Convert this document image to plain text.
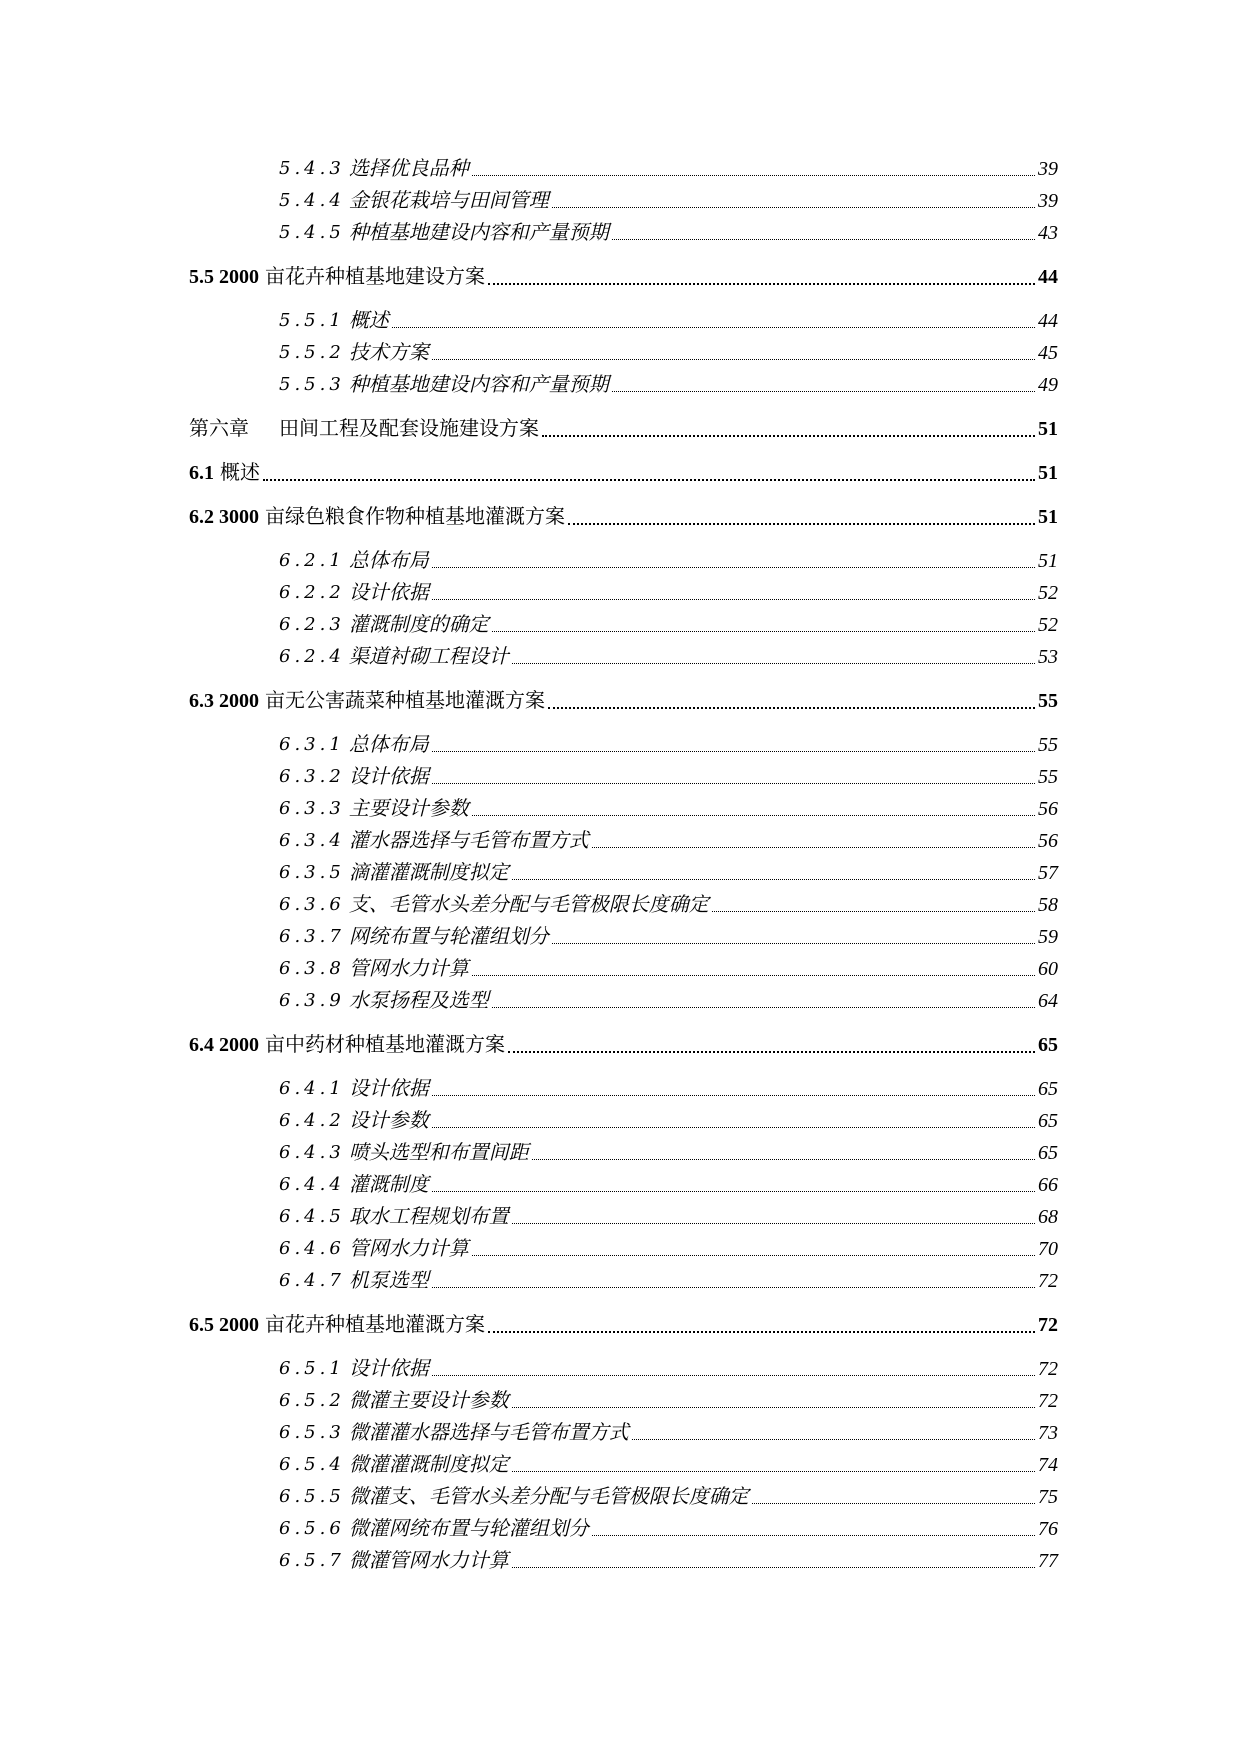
5.4.3 选择优良品种	39
5.4.4 金银花栽培与田间管理	39
5.4.5 种植基地建设内容和产量预期	43
5.5 2000 亩花卉种植基地建设方案	44
5.5.1 概述	44
5.5.2 技术方案	45
5.5.3 种植基地建设内容和产量预期	49
第六章 田间工程及配套设施建设方案	51
6.1 概述	51
6.2 3000 亩绿色粮食作物种植基地灌溉方案	51
6.2.1 总体布局	51
6.2.2 设计依据	52
6.2.3 灌溉制度的确定	52
6.2.4 渠道衬砌工程设计	53
6.3 2000 亩无公害蔬菜种植基地灌溉方案	55
6.3.1 总体布局	55
6.3.2 设计依据	55
6.3.3 主要设计参数	56
6.3.4 灌水器选择与毛管布置方式	56
6.3.5 滴灌灌溉制度拟定	57
6.3.6 支、毛管水头差分配与毛管极限长度确定	58
6.3.7 网统布置与轮灌组划分	59
6.3.8 管网水力计算	60
6.3.9 水泵扬程及选型	64
6.4 2000 亩中药材种植基地灌溉方案	65
6.4.1 设计依据	65
6.4.2 设计参数	65
6.4.3 喷头选型和布置间距	65
6.4.4 灌溉制度	66
6.4.5 取水工程规划布置	68
6.4.6 管网水力计算	70
6.4.7 机泵选型	72
6.5 2000 亩花卉种植基地灌溉方案	72
6.5.1 设计依据	72
6.5.2 微灌主要设计参数	72
6.5.3 微灌灌水器选择与毛管布置方式	73
6.5.4 微灌灌溉制度拟定	74
6.5.5 微灌支、毛管水头差分配与毛管极限长度确定	75
6.5.6 微灌网统布置与轮灌组划分	76
6.5.7 微灌管网水力计算	77
